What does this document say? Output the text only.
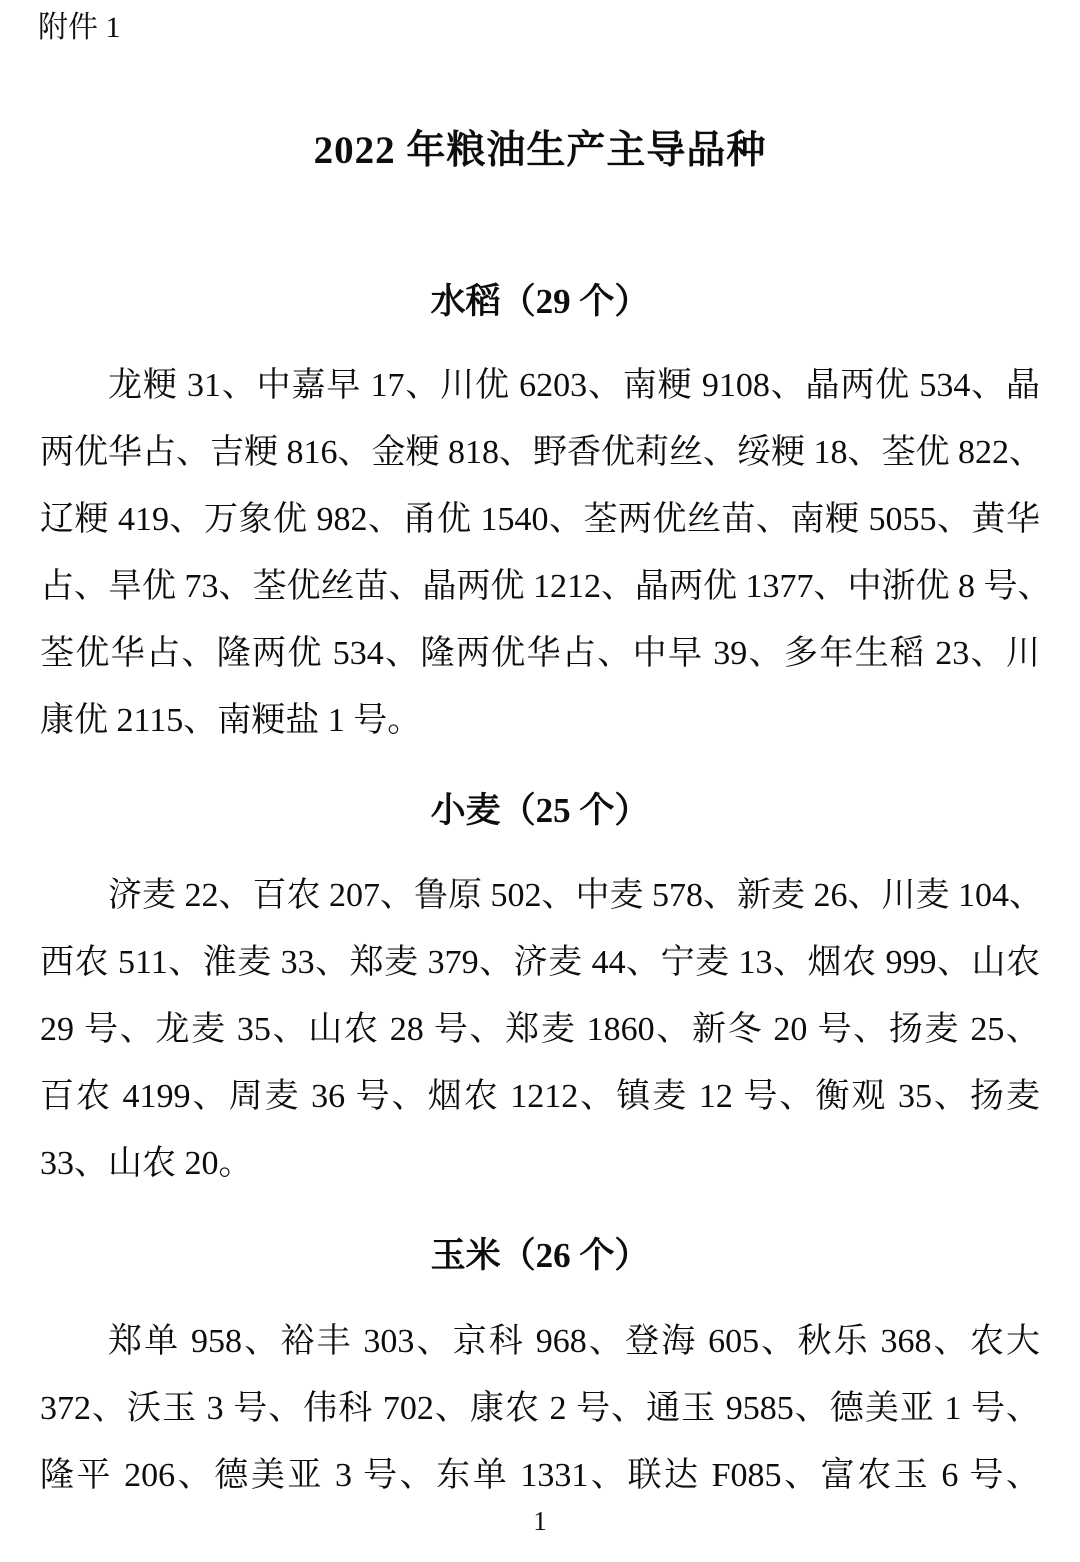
附件 1
2022 年粮油生产主导品种
水稻（29 个）
龙粳 31、中嘉早 17、川优 6203、南粳 9108、晶两优 534、晶
两优华占、吉粳 816、金粳 818、野香优莉丝、绥粳 18、荃优 822、
辽粳 419、万象优 982、甬优 1540、荃两优丝苗、南粳 5055、黄华
占、旱优 73、荃优丝苗、晶两优 1212、晶两优 1377、中浙优 8 号、
荃优华占、隆两优 534、隆两优华占、中早 39、多年生稻 23、川
康优 2115、南粳盐 1 号。
小麦（25 个）
济麦 22、百农 207、鲁原 502、中麦 578、新麦 26、川麦 104、
西农 511、淮麦 33、郑麦 379、济麦 44、宁麦 13、烟农 999、山农
29 号、龙麦 35、山农 28 号、郑麦 1860、新冬 20 号、扬麦 25、
百农 4199、周麦 36 号、烟农 1212、镇麦 12 号、衡观 35、扬麦
33、山农 20。
玉米（26 个）
郑单 958、裕丰 303、京科 968、登海 605、秋乐 368、农大
372、沃玉 3 号、伟科 702、康农 2 号、通玉 9585、德美亚 1 号、
隆平 206、德美亚 3 号、东单 1331、联达 F085、富农玉 6 号、
1
